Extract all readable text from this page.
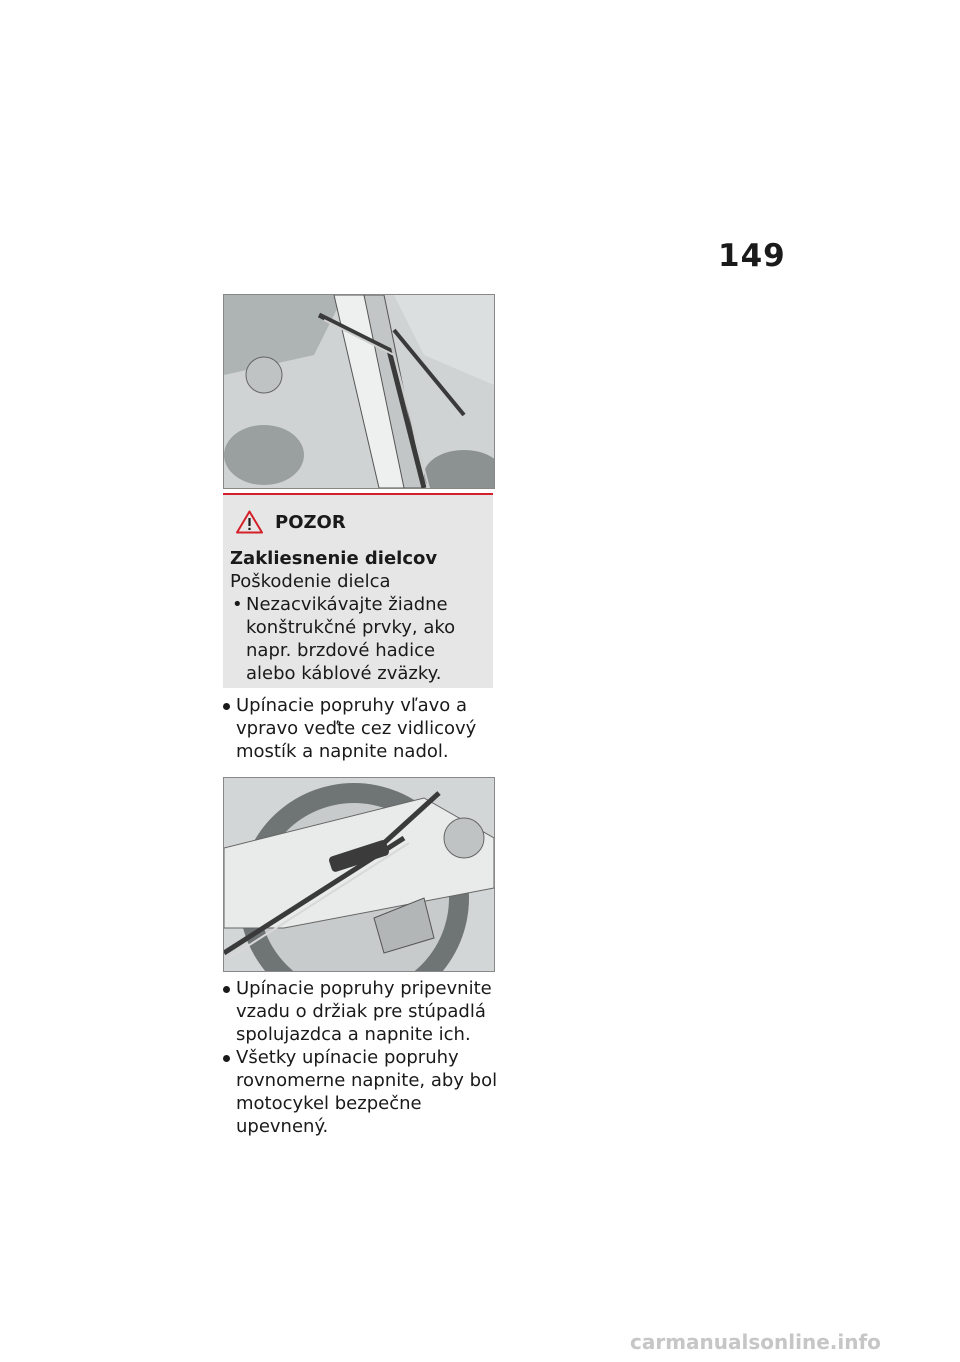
149
POZOR
Zakliesnenie dielcov
Poškodenie dielca
• Nezacvikávajte žiadne konštrukčné prvky, ako napr. brzdové hadice alebo káblové zväzky.
Upínacie popruhy vľavo a vpravo veďte cez vidlicový mostík a napnite nadol.
Upínacie popruhy pripevnite vzadu o držiak pre stúpadlá spolujazdca a napnite ich.
Všetky upínacie popruhy rovnomerne napnite, aby bol motocykel bezpečne upevnený.
carmanualsonline.info
